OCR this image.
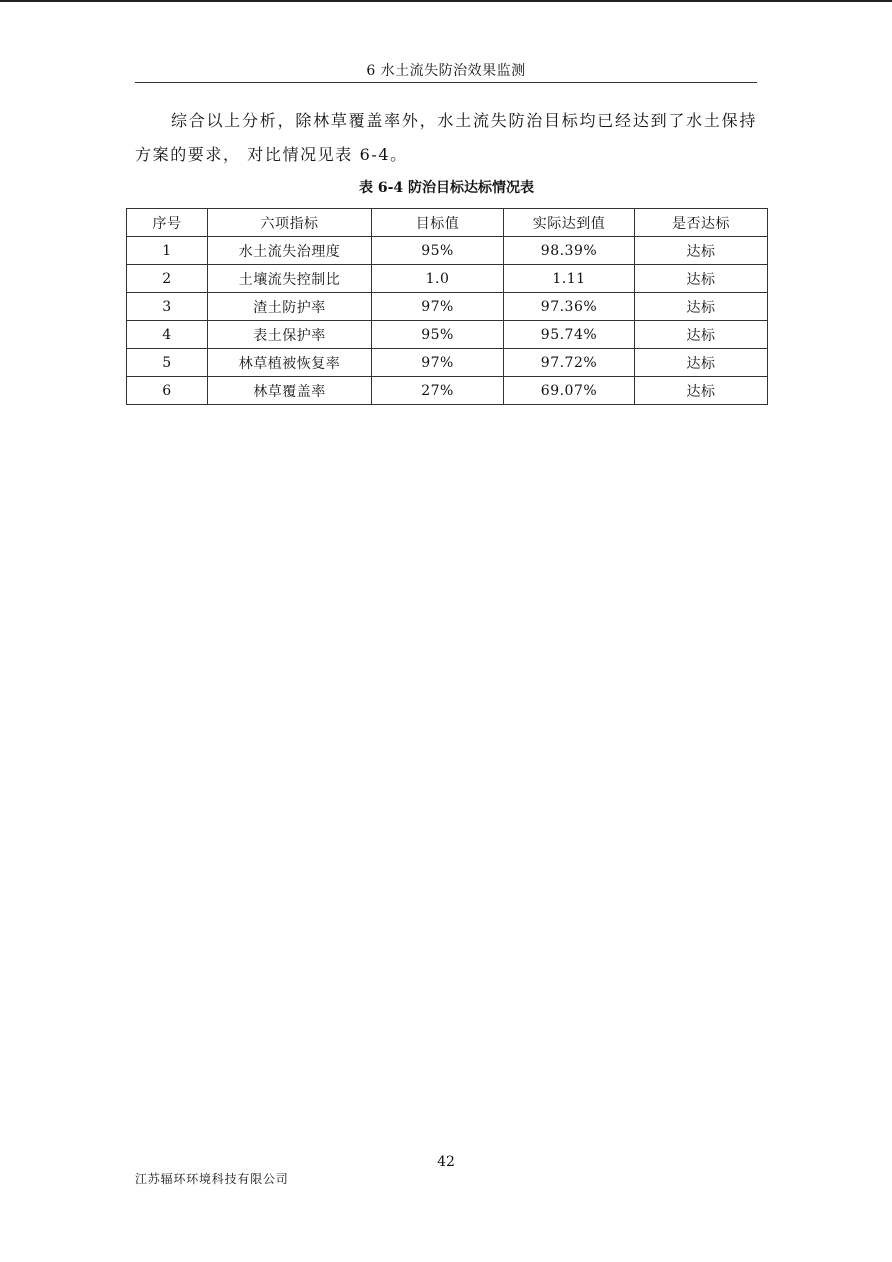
6 水土流失防治效果监测

综合以上分析，除林草覆盖率外，水土流失防治目标均已经达到了水土保持方案的要求， 对比情况见表 6-4。

表 6-4 防治目标达标情况表
序号	六项指标	目标值	实际达到值	是否达标
1	水土流失治理度	95%	98.39%	达标
2	土壤流失控制比	1.0	1.11	达标
3	渣土防护率	97%	97.36%	达标
4	表土保护率	95%	95.74%	达标
5	林草植被恢复率	97%	97.72%	达标
6	林草覆盖率	27%	69.07%	达标
42
江苏辐环环境科技有限公司
